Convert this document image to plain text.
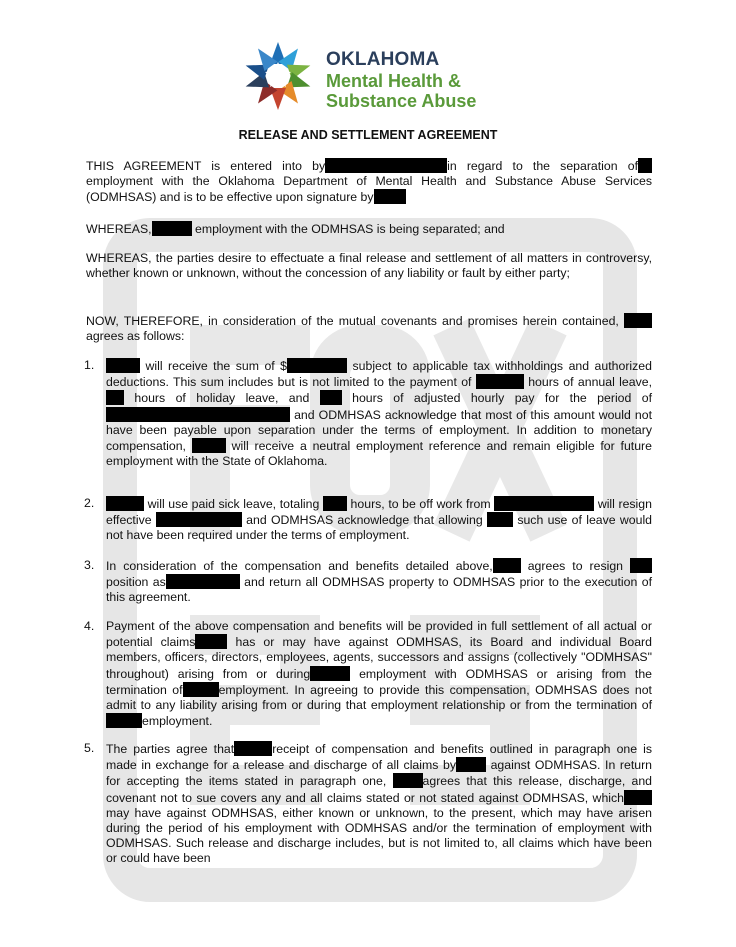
OKLAHOMA
Mental Health &
Substance Abuse
RELEASE AND SETTLEMENT AGREEMENT

THIS AGREEMENT is entered into by	in regard to the separation of employment with the Oklahoma Department of Mental Health and Substance Abuse Services (ODMHSAS) and is to be effective upon signature by

WHEREAS,	employment with the ODMHSAS is being separated; and

WHEREAS, the parties desire to effectuate a final release and settlement of all matters in controversy, whether known or unknown, without the concession of any liability or fault by either party;

NOW, THEREFORE, in consideration of the mutual covenants and promises herein contained,  agrees as follows:

1.	will receive the sum of $	subject to applicable tax withholdings and authorized deductions. This sum includes but is not limited to the payment of	hours of annual leave,  hours of holiday leave, and	hours of adjusted hourly pay for the period of  and ODMHSAS acknowledge that most of this amount would not have been payable upon separation under the terms of employment. In addition to monetary compensation,	will receive a neutral employment reference and remain eligible for future employment with the State of Oklahoma.

2.	will use paid sick leave, totaling	hours, to be off work from	will resign effective	and ODMHSAS acknowledge that allowing	such use of leave would not have been required under the terms of employment.

3. In consideration of the compensation and benefits detailed above,	agrees to resign  position as	and return all ODMHSAS property to ODMHSAS prior to the execution of this agreement.

4. Payment of the above compensation and benefits will be provided in full settlement of all actual or potential claims	has or may have against ODMHSAS, its Board and individual Board members, officers, directors, employees, agents, successors and assigns (collectively "ODMHSAS" throughout) arising from or during	employment with ODMHSAS or arising from the termination of	employment. In agreeing to provide this compensation, ODMHSAS does not admit to any liability arising from or during that employment relationship or from the termination ofemployment.

5. The parties agree that	receipt of compensation and benefits outlined in paragraph one is made in exchange for a release and discharge of all claims by	against ODMHSAS. In return for accepting the items stated in paragraph one,	agrees that this release, discharge, and covenant not to sue covers any and all claims stated or not stated against ODMHSAS, which may have against ODMHSAS, either known or unknown, to the present, which may have arisen during the period of his employment with ODMHSAS and/or the termination of employment with ODMHSAS. Such release and discharge includes, but is not limited to, all claims which have been or could have been
